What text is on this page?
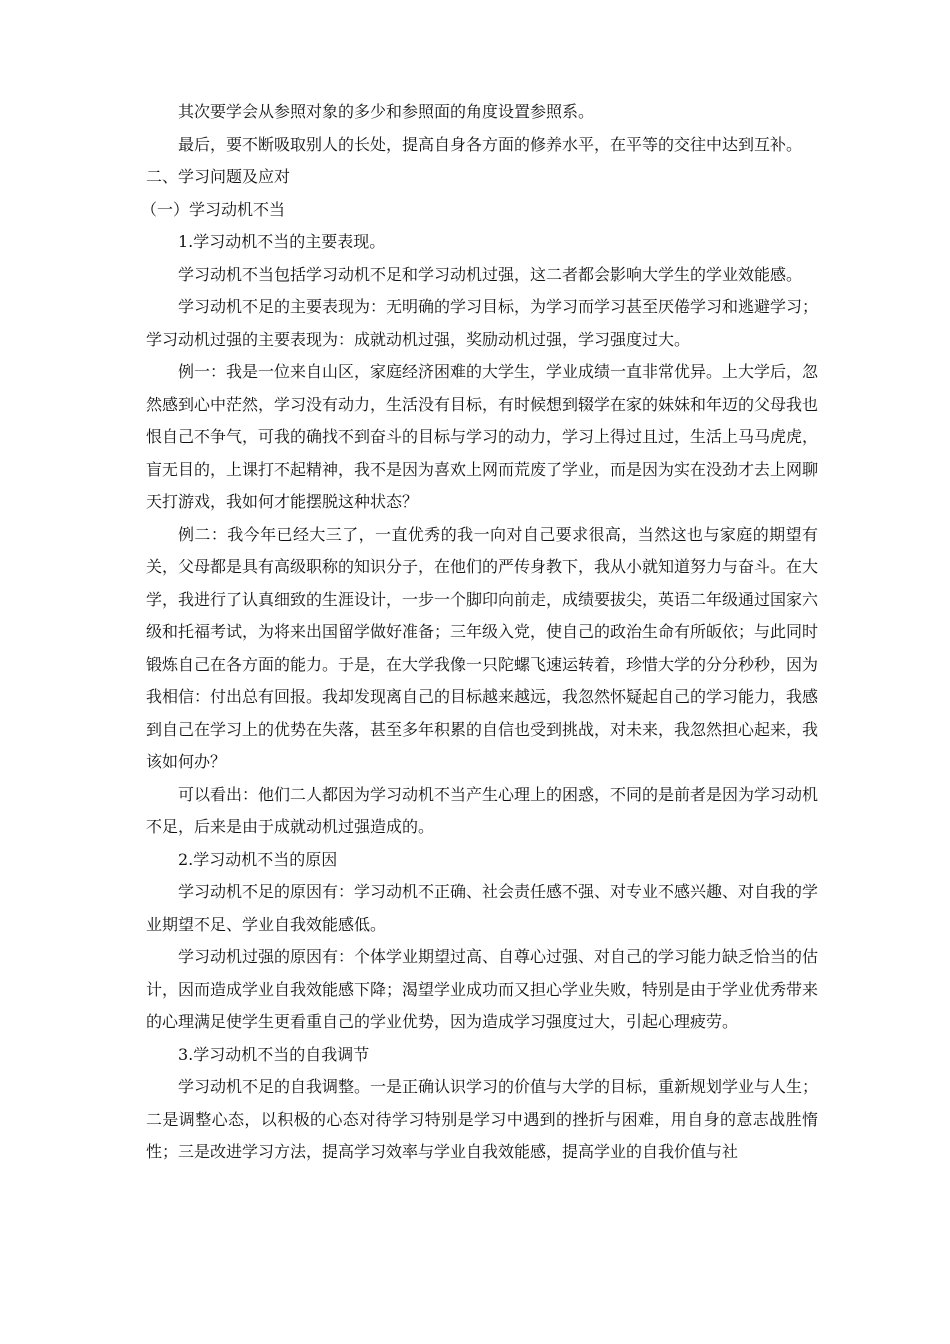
其次要学会从参照对象的多少和参照面的角度设置参照系。

最后，要不断吸取别人的长处，提高自身各方面的修养水平，在平等的交往中达到互补。

二、学习问题及应对

（一）学习动机不当

1.学习动机不当的主要表现。

学习动机不当包括学习动机不足和学习动机过强，这二者都会影响大学生的学业效能感。

学习动机不足的主要表现为：无明确的学习目标，为学习而学习甚至厌倦学习和逃避学习；学习动机过强的主要表现为：成就动机过强，奖励动机过强，学习强度过大。

例一：我是一位来自山区，家庭经济困难的大学生，学业成绩一直非常优异。上大学后，忽然感到心中茫然，学习没有动力，生活没有目标，有时候想到辍学在家的妹妹和年迈的父母我也恨自己不争气，可我的确找不到奋斗的目标与学习的动力，学习上得过且过，生活上马马虎虎，盲无目的，上课打不起精神，我不是因为喜欢上网而荒废了学业，而是因为实在没劲才去上网聊天打游戏，我如何才能摆脱这种状态？

例二：我今年已经大三了，一直优秀的我一向对自己要求很高，当然这也与家庭的期望有关，父母都是具有高级职称的知识分子，在他们的严传身教下，我从小就知道努力与奋斗。在大学，我进行了认真细致的生涯设计，一步一个脚印向前走，成绩要拔尖，英语二年级通过国家六级和托福考试，为将来出国留学做好准备；三年级入党，使自己的政治生命有所皈依；与此同时锻炼自己在各方面的能力。于是，在大学我像一只陀螺飞速运转着，珍惜大学的分分秒秒，因为我相信：付出总有回报。我却发现离自己的目标越来越远，我忽然怀疑起自己的学习能力，我感到自己在学习上的优势在失落，甚至多年积累的自信也受到挑战，对未来，我忽然担心起来，我该如何办？

可以看出：他们二人都因为学习动机不当产生心理上的困惑，不同的是前者是因为学习动机不足，后来是由于成就动机过强造成的。

2.学习动机不当的原因

学习动机不足的原因有：学习动机不正确、社会责任感不强、对专业不感兴趣、对自我的学业期望不足、学业自我效能感低。

学习动机过强的原因有：个体学业期望过高、自尊心过强、对自己的学习能力缺乏恰当的估计，因而造成学业自我效能感下降；渴望学业成功而又担心学业失败，特别是由于学业优秀带来的心理满足使学生更看重自己的学业优势，因为造成学习强度过大，引起心理疲劳。

3.学习动机不当的自我调节

学习动机不足的自我调整。一是正确认识学习的价值与大学的目标，重新规划学业与人生；二是调整心态，以积极的心态对待学习特别是学习中遇到的挫折与困难，用自身的意志战胜惰性；三是改进学习方法，提高学习效率与学业自我效能感，提高学业的自我价值与社
